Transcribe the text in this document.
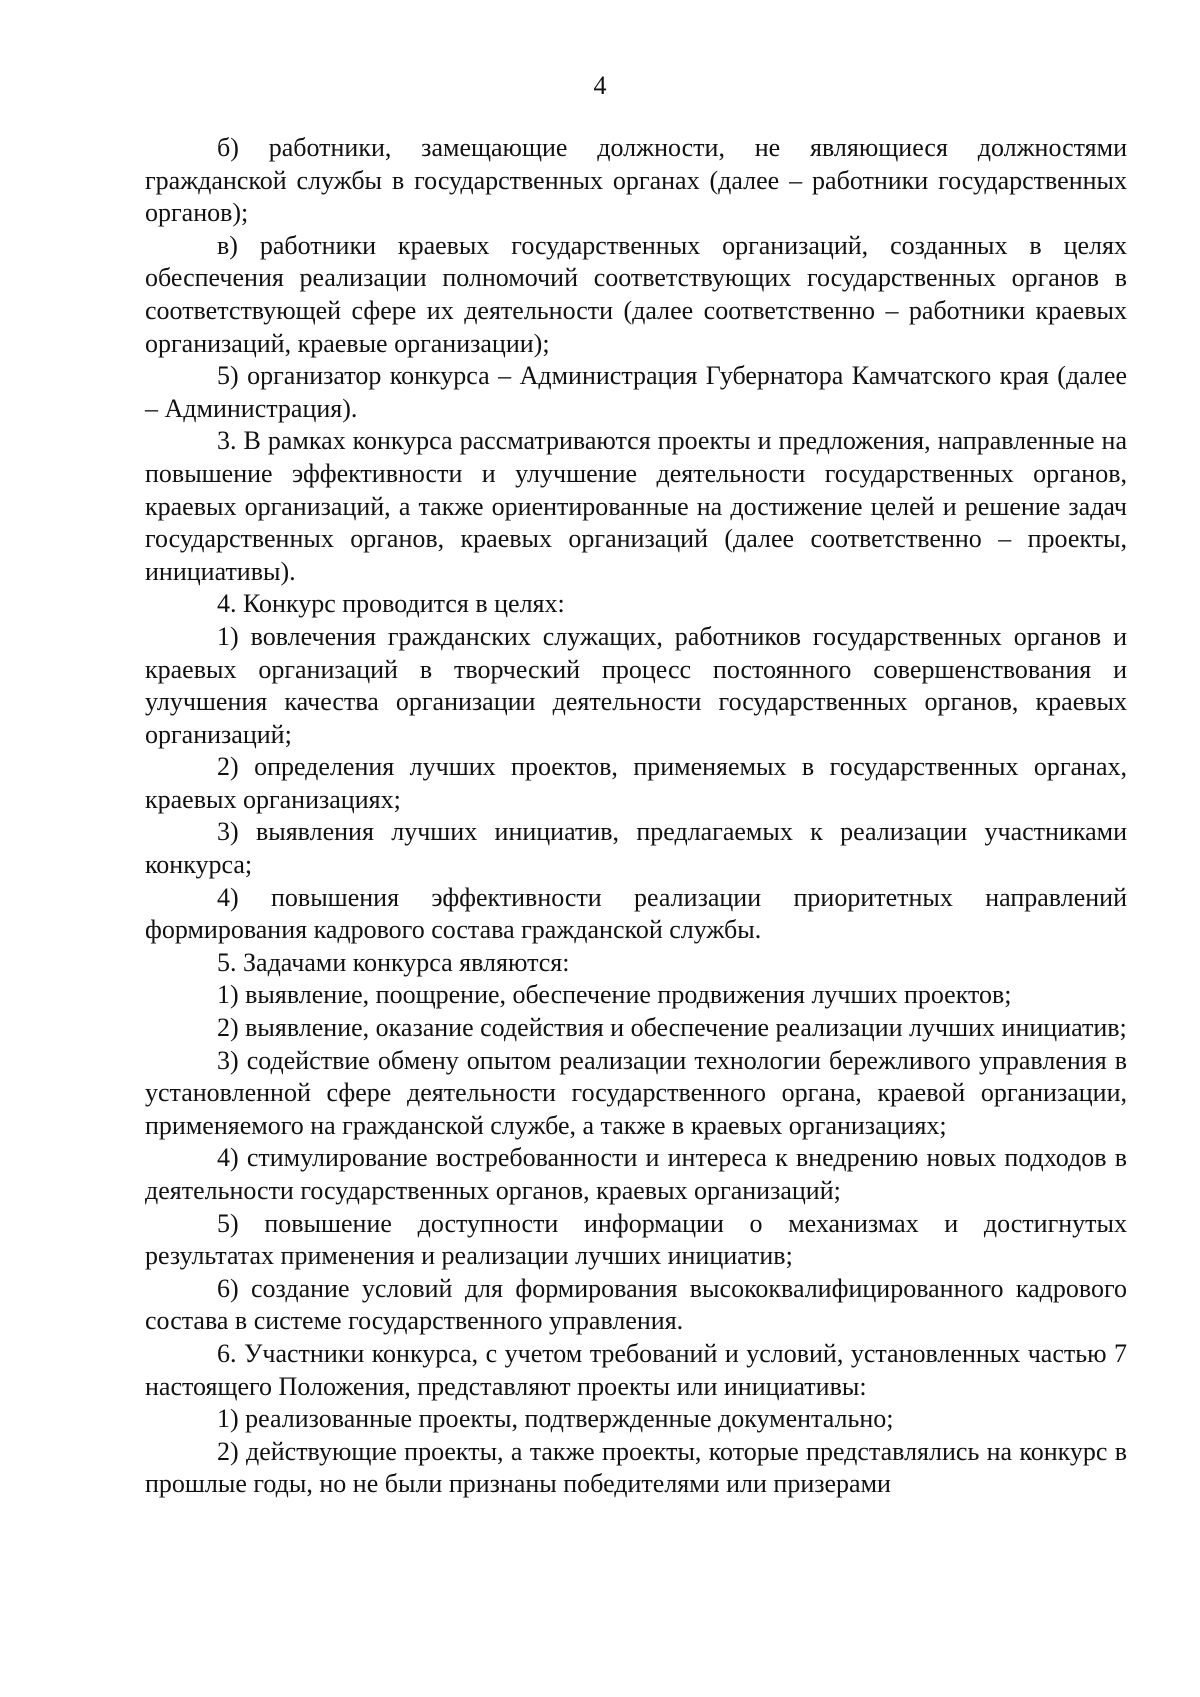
4

б) работники, замещающие должности, не являющиеся должностями гражданской службы в государственных органах (далее – работники государственных органов);

в) работники краевых государственных организаций, созданных в целях обеспечения реализации полномочий соответствующих государственных органов в соответствующей сфере их деятельности (далее соответственно – работники краевых организаций, краевые организации);

5) организатор конкурса – Администрация Губернатора Камчатского края (далее – Администрация).

3. В рамках конкурса рассматриваются проекты и предложения, направленные на повышение эффективности и улучшение деятельности государственных органов, краевых организаций, а также ориентированные на достижение целей и решение задач государственных органов, краевых организаций (далее соответственно – проекты, инициативы).

4. Конкурс проводится в целях:

1) вовлечения гражданских служащих, работников государственных органов и краевых организаций в творческий процесс постоянного совершенствования и улучшения качества организации деятельности государственных органов, краевых организаций;

2) определения лучших проектов, применяемых в государственных органах, краевых организациях;

3) выявления лучших инициатив, предлагаемых к реализации участниками конкурса;

4) повышения эффективности реализации приоритетных направлений формирования кадрового состава гражданской службы.

5. Задачами конкурса являются:

1) выявление, поощрение, обеспечение продвижения лучших проектов;

2) выявление, оказание содействия и обеспечение реализации лучших инициатив;

3) содействие обмену опытом реализации технологии бережливого управления в установленной сфере деятельности государственного органа, краевой организации, применяемого на гражданской службе, а также в краевых организациях;

4) стимулирование востребованности и интереса к внедрению новых подходов в деятельности государственных органов, краевых организаций;

5) повышение доступности информации о механизмах и достигнутых результатах применения и реализации лучших инициатив;

6) создание условий для формирования высококвалифицированного кадрового состава в системе государственного управления.

6. Участники конкурса, с учетом требований и условий, установленных частью 7 настоящего Положения, представляют проекты или инициативы:

1) реализованные проекты, подтвержденные документально;

2) действующие проекты, а также проекты, которые представлялись на конкурс в прошлые годы, но не были признаны победителями или призерами
